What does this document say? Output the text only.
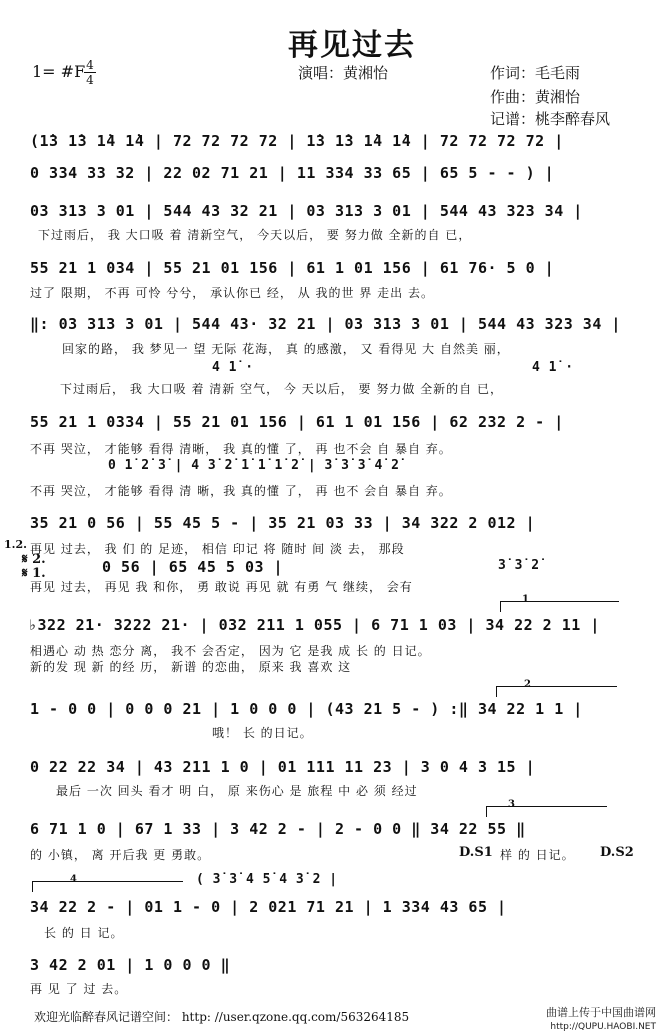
再见过去
1= #F 4
4	演唱：黄湘怡	作词：毛毛雨
作曲：黄湘怡
记谱：桃李醉春风
(1̇3 1̇3 1̇4 1̇4 | 72 72 72 72 | 1̇3 1̇3 1̇4 1̇4 | 72 72 72 72 |
0 334 33 32 | 22 02 71 21 | 11 334 33 65 | 65 5 - - ) |
03 313 3 01 | 544 43 32 21 | 03 313 3 01 | 544 43 323 34 |
下过雨后， 我 大口吸 着 清新空气， 今天以后， 要 努力做 全新的自 已，
55 21 1 034 | 55 21 01 156 | 61 1 01 156 | 61 76· 5 0 |
过了 限期， 不再 可怜 兮兮， 承认你已 经， 从 我的世 界 走出 去。
‖: 03 313 3 01 | 544 43· 32 21 | 03 313 3 01 | 544 43 323 34 |
回家的路， 我 梦见一 望 无际 花海， 真 的感激， 又 看得见 大 自然美 丽，
4 1̇ ·	4 1̇ ·
下过雨后， 我 大口吸 着 清新 空气， 今 天以后， 要 努力做 全新的自 已，
55 21 1 0334 | 55 21 01 156 | 61 1 01 156 | 62 232 2 - |
不再 哭泣， 才能够 看得 清晰， 我 真的懂 了， 再 也不会 自 暴自 弃。
0 1̇ 2̇ 3̇ | 4 3̇ 2̇ 1̇ 1̇ 1̇ 2̇ | 3̇ 3̇ 3̇ 4̇ 2̇
不再 哭泣， 才能够 看得 清 晰，我 真的懂 了， 再 也不 会自 暴自 弃。
1.2.
35 21 0 56 | 55 45 5 - | 35 21 03 33 | 34 322 2 012 |
再见 过去， 我 们 的 足迹， 相信 印记 将 随时 间 淡 去， 那段
𝄋 2.	0 56 | 65 45 5 03 |	3̇ 3̇ 2̇
𝄋 1.
再见 过去， 再见 我 和你， 勇 敢说 再见 就 有勇 气 继续， 会有
1
♭322 21· 3222 21· | 032 211 1 055 | 6 71 1 03 | 34 22 2 11 |
相遇心 动 热 恋分 离， 我不 会否定， 因为 它 是我 成 长 的 日记。
新的发 现 新 的经 历， 新谱 的恋曲， 原来 我 喜欢 这
2
1 - 0 0 | 0 0 0 21 | 1 0 0 0 | (43 21 5 - ) :‖ 34 22 1 1 |
哦！ 长 的日记。
0 22 22 34 | 43 211 1 0 | 01 111 11 23 | 3 0 4 3 15 |
最后 一次 回头 看才 明 白， 原 来伤心 是 旅程 中 必 须 经过
3
6 71 1 0 | 67 1 33 | 3 42 2 - | 2 - 0 0 ‖ 34 22 55 ‖
的 小镇， 离 开后我 更 勇敢。	D.S1 样 的 日记。 D.S2
4	( 3̇ 3̇ 4 5̇ 4 3̇ 2 |
34 22 2 - | 01 1 - 0 | 2 021 71 21 | 1 334 43 65 |
长 的 日 记。
3 42 2 01 | 1 0 0 0 ‖
再 见 了 过 去。
欢迎光临醉春风记谱空间： http: //user.qzone.qq.com/563264185	曲谱上传于中国曲谱网
http://QUPU.HAOBI.NET
